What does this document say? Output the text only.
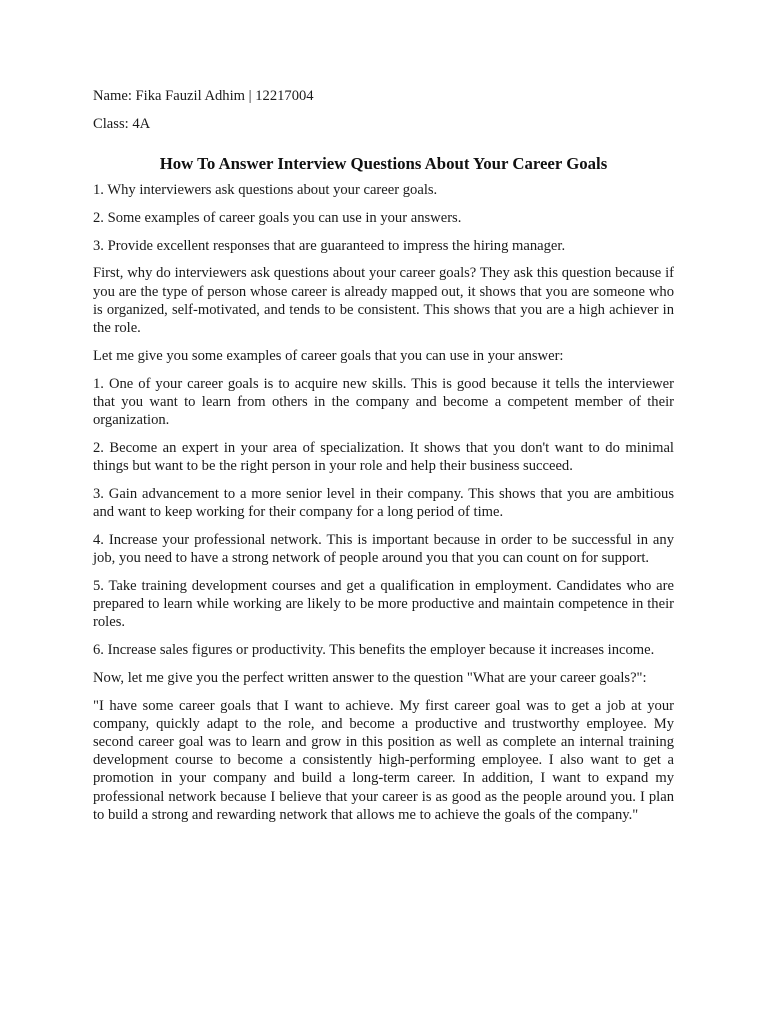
Name: Fika Fauzil Adhim | 12217004

Class: 4A

How To Answer Interview Questions About Your Career Goals

1. Why interviewers ask questions about your career goals.

2. Some examples of career goals you can use in your answers.

3. Provide excellent responses that are guaranteed to impress the hiring manager.

First, why do interviewers ask questions about your career goals? They ask this question because if you are the type of person whose career is already mapped out, it shows that you are someone who is organized, self-motivated, and tends to be consistent. This shows that you are a high achiever in the role.

Let me give you some examples of career goals that you can use in your answer:

1. One of your career goals is to acquire new skills. This is good because it tells the interviewer that you want to learn from others in the company and become a competent member of their organization.

2. Become an expert in your area of specialization. It shows that you don't want to do minimal things but want to be the right person in your role and help their business succeed.

3. Gain advancement to a more senior level in their company. This shows that you are ambitious and want to keep working for their company for a long period of time.

4. Increase your professional network. This is important because in order to be successful in any job, you need to have a strong network of people around you that you can count on for support.

5. Take training development courses and get a qualification in employment. Candidates who are prepared to learn while working are likely to be more productive and maintain competence in their roles.

6. Increase sales figures or productivity. This benefits the employer because it increases income.

Now, let me give you the perfect written answer to the question "What are your career goals?":

"I have some career goals that I want to achieve. My first career goal was to get a job at your company, quickly adapt to the role, and become a productive and trustworthy employee. My second career goal was to learn and grow in this position as well as complete an internal training development course to become a consistently high-performing employee. I also want to get a promotion in your company and build a long-term career. In addition, I want to expand my professional network because I believe that your career is as good as the people around you. I plan to build a strong and rewarding network that allows me to achieve the goals of the company."
